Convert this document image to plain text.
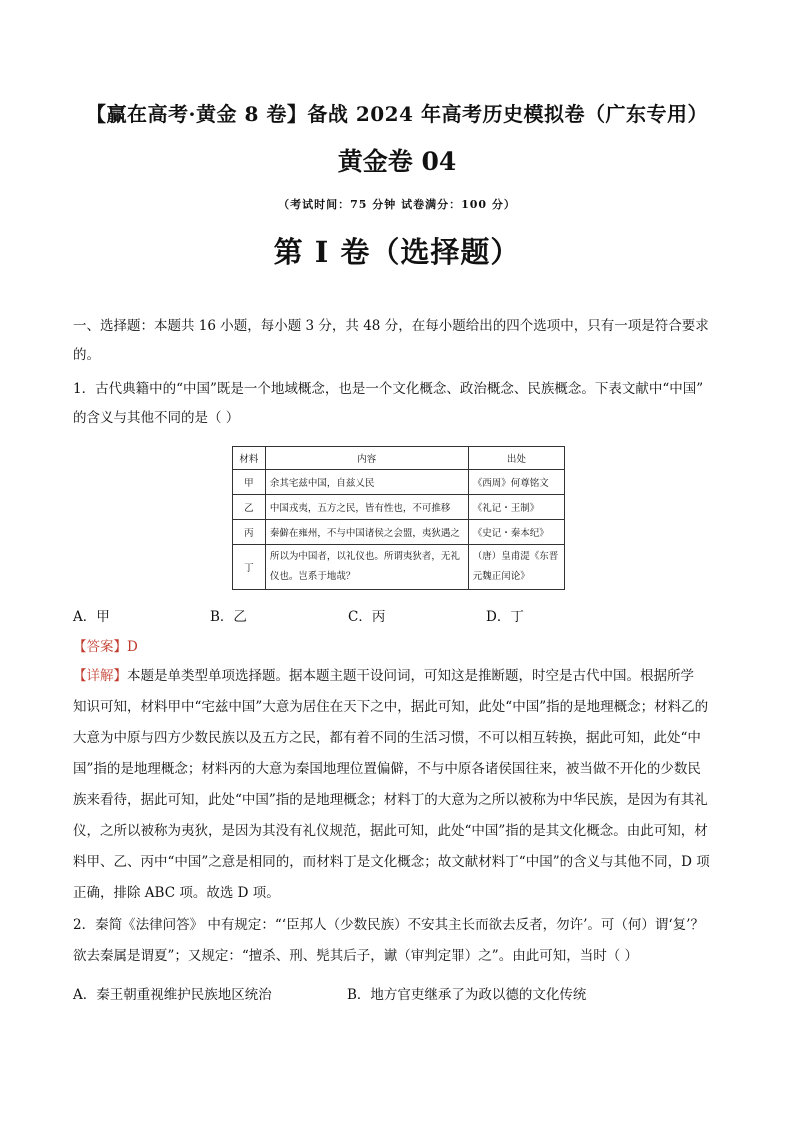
【赢在高考·黄金 8 卷】备战 2024 年高考历史模拟卷（广东专用）
黄金卷 04
（考试时间：75 分钟 试卷满分：100 分）
第 I 卷（选择题）
一、选择题：本题共 16 小题，每小题 3 分，共 48 分，在每小题给出的四个选项中，只有一项是符合要求
的。
1．古代典籍中的“中国”既是一个地域概念，也是一个文化概念、政治概念、民族概念。下表文献中“中国”
的含义与其他不同的是（ ）
材料	内容	出处
甲	余其宅兹中国，自兹乂民	《西周》何尊铭文
乙	中国戎夷，五方之民，皆有性也，不可推移	《礼记・王制》
丙	秦僻在雍州，不与中国诸侯之会盟，夷狄遇之	《史记・秦本纪》
丁	所以为中国者，以礼仪也。所谓夷狄者，无礼仪也。岂系于地哉？	（唐）皇甫湜《东晋元魏正闰论》
A．甲	B．乙	C．丙	D．丁
【答案】D
【详解】本题是单类型单项选择题。据本题主题干设问词，可知这是推断题，时空是古代中国。根据所学
知识可知，材料甲中“宅兹中国”大意为居住在天下之中，据此可知，此处“中国”指的是地理概念；材料乙的
大意为中原与四方少数民族以及五方之民，都有着不同的生活习惯，不可以相互转换，据此可知，此处“中
国”指的是地理概念；材料丙的大意为秦国地理位置偏僻，不与中原各诸侯国往来，被当做不开化的少数民
族来看待，据此可知，此处“中国”指的是地理概念；材料丁的大意为之所以被称为中华民族，是因为有其礼
仪，之所以被称为夷狄，是因为其没有礼仪规范，据此可知，此处“中国”指的是其文化概念。由此可知，材
料甲、乙、丙中“中国”之意是相同的，而材料丁是文化概念；故文献材料丁“中国”的含义与其他不同，D 项
正确，排除 ABC 项。故选 D 项。
2．秦简《法律问答》 中有规定：“‘臣邦人（少数民族）不安其主长而欲去反者，勿许’。可（何）谓‘复’？
欲去秦属是谓夏”；又规定：“擅杀、刑、髡其后子，谳（审判定罪）之”。由此可知，当时（ ）
A．秦王朝重视维护民族地区统治	B．地方官吏继承了为政以德的文化传统
